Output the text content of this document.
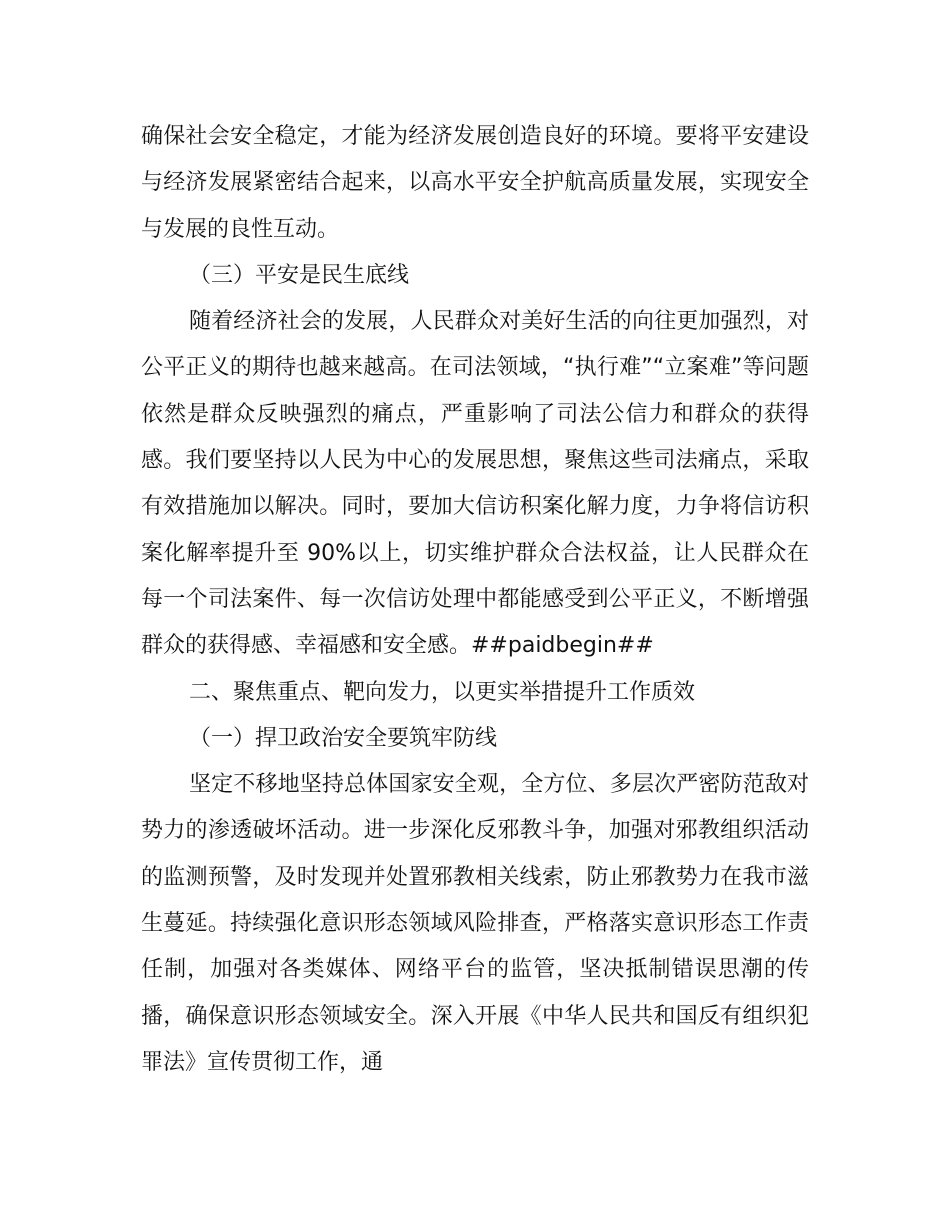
确保社会安全稳定，才能为经济发展创造良好的环境。要将平安建设与经济发展紧密结合起来，以高水平安全护航高质量发展，实现安全与发展的良性互动。

（三）平安是民生底线

随着经济社会的发展，人民群众对美好生活的向往更加强烈，对公平正义的期待也越来越高。在司法领域，“执行难”“立案难”等问题依然是群众反映强烈的痛点，严重影响了司法公信力和群众的获得感。我们要坚持以人民为中心的发展思想，聚焦这些司法痛点，采取有效措施加以解决。同时，要加大信访积案化解力度，力争将信访积案化解率提升至 90%以上，切实维护群众合法权益，让人民群众在每一个司法案件、每一次信访处理中都能感受到公平正义，不断增强群众的获得感、幸福感和安全感。##paidbegin##

二、聚焦重点、靶向发力，以更实举措提升工作质效

（一）捍卫政治安全要筑牢防线

坚定不移地坚持总体国家安全观，全方位、多层次严密防范敌对势力的渗透破坏活动。进一步深化反邪教斗争，加强对邪教组织活动的监测预警，及时发现并处置邪教相关线索，防止邪教势力在我市滋生蔓延。持续强化意识形态领域风险排查，严格落实意识形态工作责任制，加强对各类媒体、网络平台的监管，坚决抵制错误思潮的传播，确保意识形态领域安全。深入开展《中华人民共和国反有组织犯罪法》宣传贯彻工作，通
